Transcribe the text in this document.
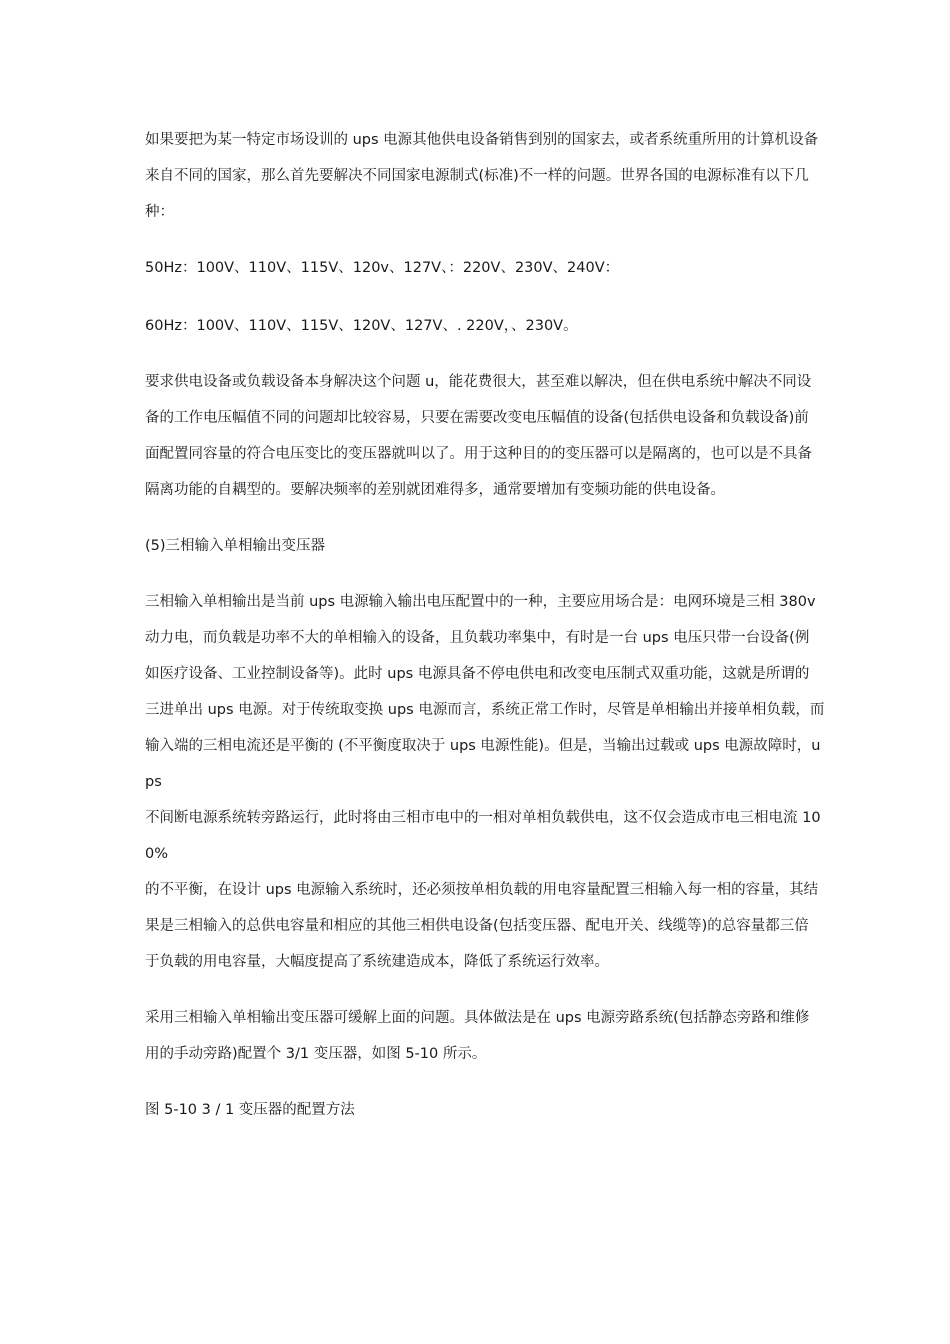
如果要把为某一特定市场设训的 ups 电源其他供电设备销售到别的国家去，或者系统重所用的计算机设备
来自不同的国家，那么首先要解决不同国家电源制式(标准)不一样的问题。世界各国的电源标准有以下几
种：

50Hz：100V、110V、115V、120v、127V、：220V、230V、240V：

60Hz：100V、110V、115V、120V、127V、. 220V，、230V。

要求供电设备或负载设备本身解决这个问题 u，能花费很大，甚至难以解决，但在供电系统中解决不同设
备的工作电压幅值不同的问题却比较容易，只要在需要改变电压幅值的设备(包括供电设备和负载设备)前
面配置同容量的符合电压变比的变压器就叫以了。用于这种目的的变压器可以是隔离的，也可以是不具备
隔离功能的自耦型的。要解决频率的差别就团难得多，通常要增加有变频功能的供电设备。

(5)三相输入单相输出变压器

三相输入单相输出是当前 ups 电源输入输出电压配置中的一种，主要应用场合是：电网环境是三相 380v
动力电，而负载是功率不大的单相输入的设备，且负载功率集中，有时是一台 ups 电压只带一台设备(例
如医疗设备、工业控制设备等)。此时 ups 电源具备不停电供电和改变电压制式双重功能，这就是所谓的
三进单出 ups 电源。对于传统取变换 ups 电源而言，系统正常工作时，尽管是单相输出并接单相负载，而
输入端的三相电流还是平衡的 (不平衡度取决于 ups 电源性能)。但是，当输出过载或 ups 电源故障时，ups
不间断电源系统转旁路运行，此时将由三相市电中的一相对单相负载供电，这不仅会造成市电三相电流 100%
的不平衡，在设计 ups 电源输入系统时，还必须按单相负载的用电容量配置三相输入每一相的容量，其结
果是三相输入的总供电容量和相应的其他三相供电设备(包括变压器、配电开关、线缆等)的总容量都三倍
于负载的用电容量，大幅度提高了系统建造成本，降低了系统运行效率。

采用三相输入单相输出变压器可缓解上面的问题。具体做法是在 ups 电源旁路系统(包括静态旁路和维修
用的手动旁路)配置个 3/1 变压器，如图 5-10 所示。

图 5-10 3 / 1 变压器的配置方法
